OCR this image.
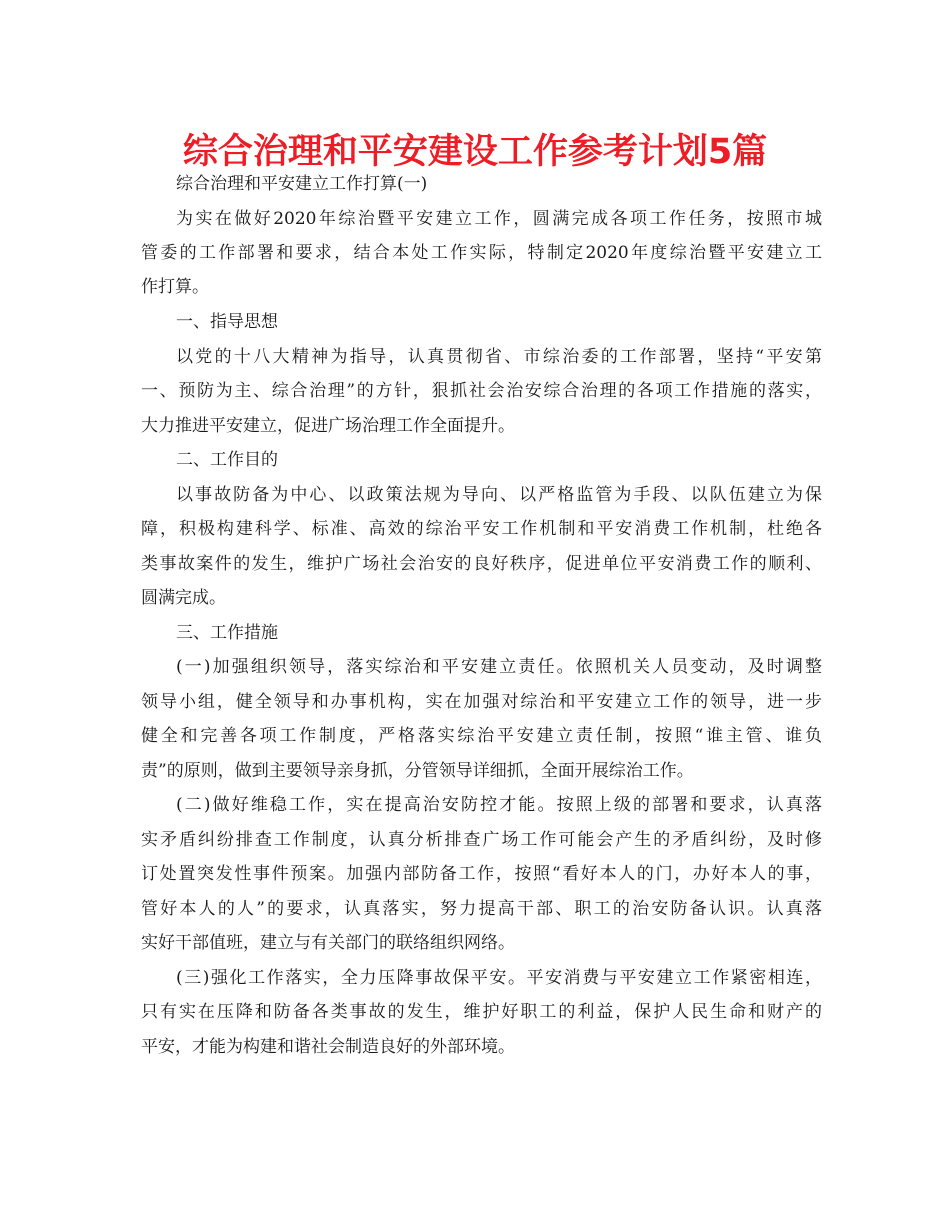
综合治理和平安建设工作参考计划5篇

综合治理和平安建立工作打算(一)

为实在做好2020年综治暨平安建立工作，圆满完成各项工作任务，按照市城

管委的工作部署和要求，结合本处工作实际，特制定2020年度综治暨平安建立工

作打算。

一、指导思想

以党的十八大精神为指导，认真贯彻省、市综治委的工作部署，坚持“平安第

一、预防为主、综合治理”的方针，狠抓社会治安综合治理的各项工作措施的落实，

大力推进平安建立，促进广场治理工作全面提升。

二、工作目的

以事故防备为中心、以政策法规为导向、以严格监管为手段、以队伍建立为保

障，积极构建科学、标准、高效的综治平安工作机制和平安消费工作机制，杜绝各

类事故案件的发生，维护广场社会治安的良好秩序，促进单位平安消费工作的顺利、

圆满完成。

三、工作措施

(一)加强组织领导，落实综治和平安建立责任。依照机关人员变动，及时调整

领导小组，健全领导和办事机构，实在加强对综治和平安建立工作的领导，进一步

健全和完善各项工作制度，严格落实综治平安建立责任制，按照“谁主管、谁负

责”的原则，做到主要领导亲身抓，分管领导详细抓，全面开展综治工作。

(二)做好维稳工作，实在提高治安防控才能。按照上级的部署和要求，认真落

实矛盾纠纷排查工作制度，认真分析排查广场工作可能会产生的矛盾纠纷，及时修

订处置突发性事件预案。加强内部防备工作，按照“看好本人的门，办好本人的事，

管好本人的人”的要求，认真落实，努力提高干部、职工的治安防备认识。认真落

实好干部值班，建立与有关部门的联络组织网络。

(三)强化工作落实，全力压降事故保平安。平安消费与平安建立工作紧密相连，

只有实在压降和防备各类事故的发生，维护好职工的利益，保护人民生命和财产的

平安，才能为构建和谐社会制造良好的外部环境。
